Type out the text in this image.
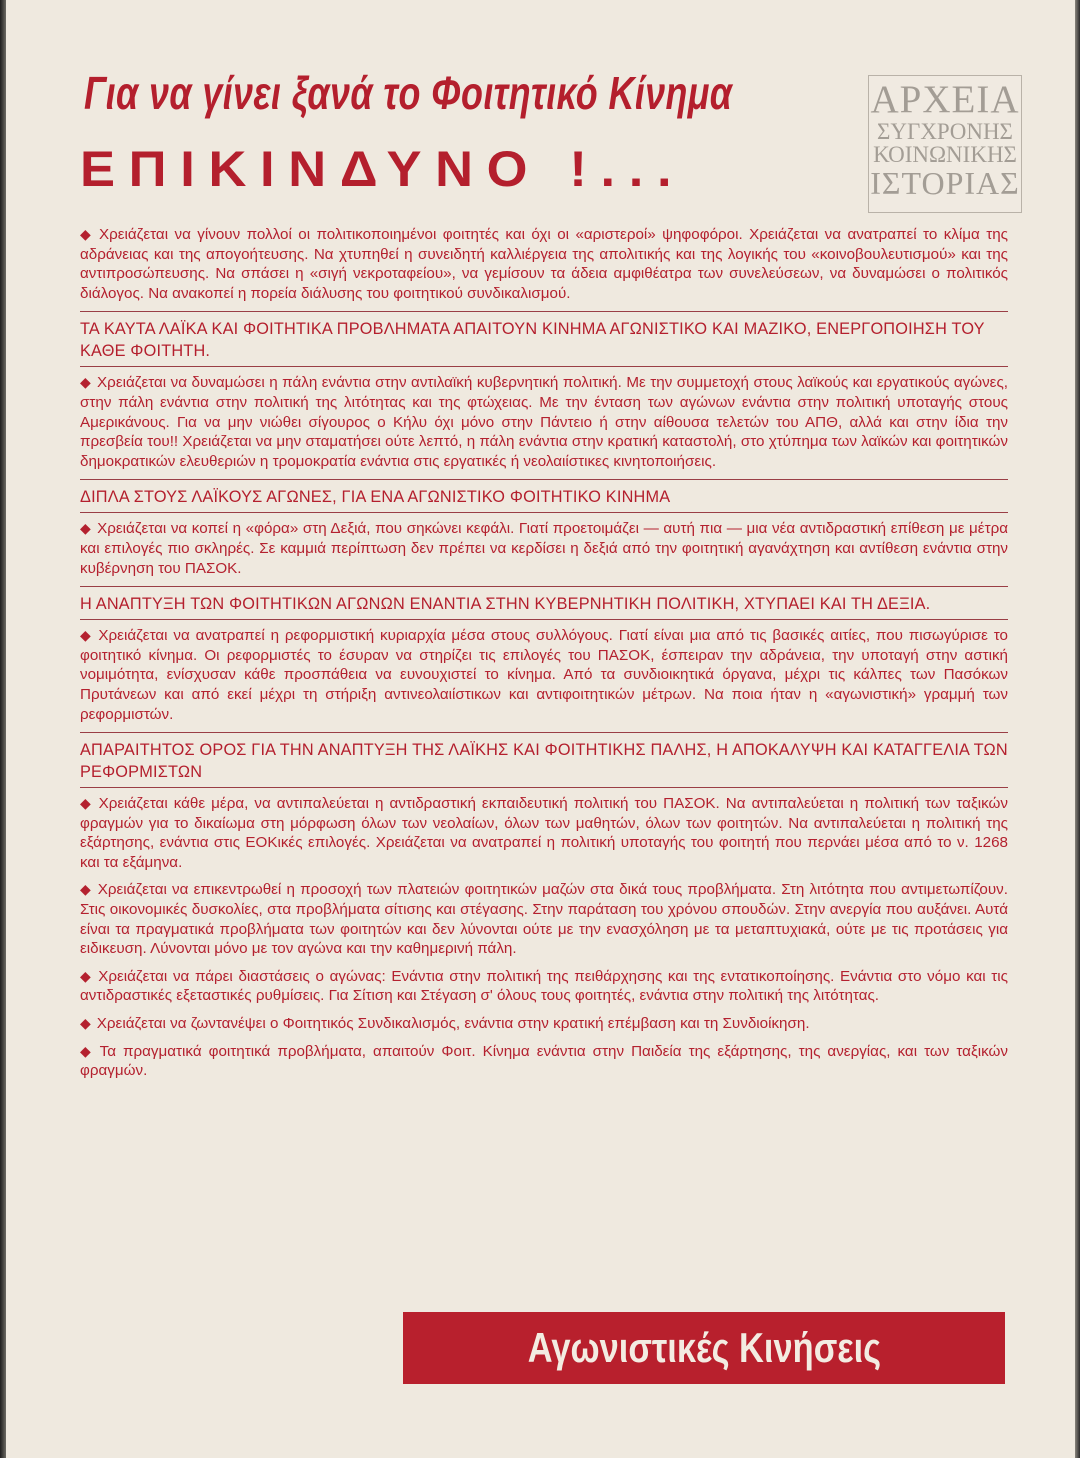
Για να γίνει ξανά το Φοιτητικό Κίνημα
ΕΠΙΚΙΝΔΥΝΟ !...
ΑΡΧΕΙΑ
ΣΥΓΧΡΟΝΗΣ
ΚΟΙΝΩΝΙΚΗΣ
ΙΣΤΟΡΙΑΣ

◆ Χρειάζεται να γίνουν πολλοί οι πολιτικοποιημένοι φοιτητές και όχι οι «αριστεροί» ψηφοφόροι. Χρειάζεται να ανατραπεί το κλίμα της αδράνειας και της απογοήτευσης. Να χτυπηθεί η συνειδητή καλλιέργεια της απολιτικής και της λογικής του «κοινοβουλευτισμού» και της αντιπροσώπευσης. Να σπάσει η «σιγή νεκροταφείου», να γεμίσουν τα άδεια αμφιθέατρα των συνελεύσεων, να δυναμώσει ο πολιτικός διάλογος. Να ανακοπεί η πορεία διάλυσης του φοιτητικού συνδικαλισμού.

ΤΑ ΚΑΥΤΑ ΛΑΪΚΑ ΚΑΙ ΦΟΙΤΗΤΙΚΑ ΠΡΟΒΛΗΜΑΤΑ ΑΠΑΙΤΟΥΝ ΚΙΝΗΜΑ ΑΓΩΝΙΣΤΙΚΟ ΚΑΙ ΜΑΖΙΚΟ, ΕΝΕΡΓΟΠΟΙΗΣΗ ΤΟΥ ΚΑΘΕ ΦΟΙΤΗΤΗ.

◆ Χρειάζεται να δυναμώσει η πάλη ενάντια στην αντιλαϊκή κυβερνητική πολιτική. Με την συμμετοχή στους λαϊκούς και εργατικούς αγώνες, στην πάλη ενάντια στην πολιτική της λιτότητας και της φτώχειας. Με την ένταση των αγώνων ενάντια στην πολιτική υποταγής στους Αμερικάνους. Για να μην νιώθει σίγουρος ο Κήλυ όχι μόνο στην Πάντειο ή στην αίθουσα τελετών του ΑΠΘ, αλλά και στην ίδια την πρεσβεία του!! Χρειάζεται να μην σταματήσει ούτε λεπτό, η πάλη ενάντια στην κρατική καταστολή, στο χτύπημα των λαϊκών και φοιτητικών δημοκρατικών ελευθεριών η τρομοκρατία ενάντια στις εργατικές ή νεολαιίστικες κινητοποιήσεις.

ΔΙΠΛΑ ΣΤΟΥΣ ΛΑΪΚΟΥΣ ΑΓΩΝΕΣ, ΓΙΑ ΕΝΑ ΑΓΩΝΙΣΤΙΚΟ ΦΟΙΤΗΤΙΚΟ ΚΙΝΗΜΑ

◆ Χρειάζεται να κοπεί η «φόρα» στη Δεξιά, που σηκώνει κεφάλι. Γιατί προετοιμάζει — αυτή πια — μια νέα αντιδραστική επίθεση με μέτρα και επιλογές πιο σκληρές. Σε καμμιά περίπτωση δεν πρέπει να κερδίσει η δεξιά από την φοιτητική αγανάχτηση και αντίθεση ενάντια στην κυβέρνηση του ΠΑΣΟΚ.

Η ΑΝΑΠΤΥΞΗ ΤΩΝ ΦΟΙΤΗΤΙΚΩΝ ΑΓΩΝΩΝ ΕΝΑΝΤΙΑ ΣΤΗΝ ΚΥΒΕΡΝΗΤΙΚΗ ΠΟΛΙΤΙΚΗ, ΧΤΥΠΑΕΙ ΚΑΙ ΤΗ ΔΕΞΙΑ.

◆ Χρειάζεται να ανατραπεί η ρεφορμιστική κυριαρχία μέσα στους συλλόγους. Γιατί είναι μια από τις βασικές αιτίες, που πισωγύρισε το φοιτητικό κίνημα. Οι ρεφορμιστές το έσυραν να στηρίζει τις επιλογές του ΠΑΣΟΚ, έσπειραν την αδράνεια, την υποταγή στην αστική νομιμότητα, ενίσχυσαν κάθε προσπάθεια να ευνουχιστεί το κίνημα. Από τα συνδιοικητικά όργανα, μέχρι τις κάλπες των Πασόκων Πρυτάνεων και από εκεί μέχρι τη στήριξη αντινεολαιίστικων και αντιφοιτητικών μέτρων. Να ποια ήταν η «αγωνιστική» γραμμή των ρεφορμιστών.

ΑΠΑΡΑΙΤΗΤΟΣ ΟΡΟΣ ΓΙΑ ΤΗΝ ΑΝΑΠΤΥΞΗ ΤΗΣ ΛΑΪΚΗΣ ΚΑΙ ΦΟΙΤΗΤΙΚΗΣ ΠΑΛΗΣ, Η ΑΠΟΚΑΛΥΨΗ ΚΑΙ ΚΑΤΑΓΓΕΛΙΑ ΤΩΝ ΡΕΦΟΡΜΙΣΤΩΝ

◆ Χρειάζεται κάθε μέρα, να αντιπαλεύεται η αντιδραστική εκπαιδευτική πολιτική του ΠΑΣΟΚ. Να αντιπαλεύεται η πολιτική των ταξικών φραγμών για το δικαίωμα στη μόρφωση όλων των νεολαίων, όλων των μαθητών, όλων των φοιτητών. Να αντιπαλεύεται η πολιτική της εξάρτησης, ενάντια στις ΕΟΚικές επιλογές. Χρειάζεται να ανατραπεί η πολιτική υποταγής του φοιτητή που περνάει μέσα από το ν. 1268 και τα εξάμηνα.

◆ Χρειάζεται να επικεντρωθεί η προσοχή των πλατειών φοιτητικών μαζών στα δικά τους προβλήματα. Στη λιτότητα που αντιμετωπίζουν. Στις οικονομικές δυσκολίες, στα προβλήματα σίτισης και στέγασης. Στην παράταση του χρόνου σπουδών. Στην ανεργία που αυξάνει. Αυτά είναι τα πραγματικά προβλήματα των φοιτητών και δεν λύνονται ούτε με την ενασχόληση με τα μεταπτυχιακά, ούτε με τις προτάσεις για ειδικευση. Λύνονται μόνο με τον αγώνα και την καθημερινή πάλη.

◆ Χρειάζεται να πάρει διαστάσεις ο αγώνας: Ενάντια στην πολιτική της πειθάρχησης και της εντατικοποίησης. Ενάντια στο νόμο και τις αντιδραστικές εξεταστικές ρυθμίσεις. Για Σίτιση και Στέγαση σ' όλους τους φοιτητές, ενάντια στην πολιτική της λιτότητας.

◆ Χρειάζεται να ζωντανέψει ο Φοιτητικός Συνδικαλισμός, ενάντια στην κρατική επέμβαση και τη Συνδιοίκηση.

◆ Τα πραγματικά φοιτητικά προβλήματα, απαιτούν Φοιτ. Κίνημα ενάντια στην Παιδεία της εξάρτησης, της ανεργίας, και των ταξικών φραγμών.

Αγωνιστικές Κινήσεις
